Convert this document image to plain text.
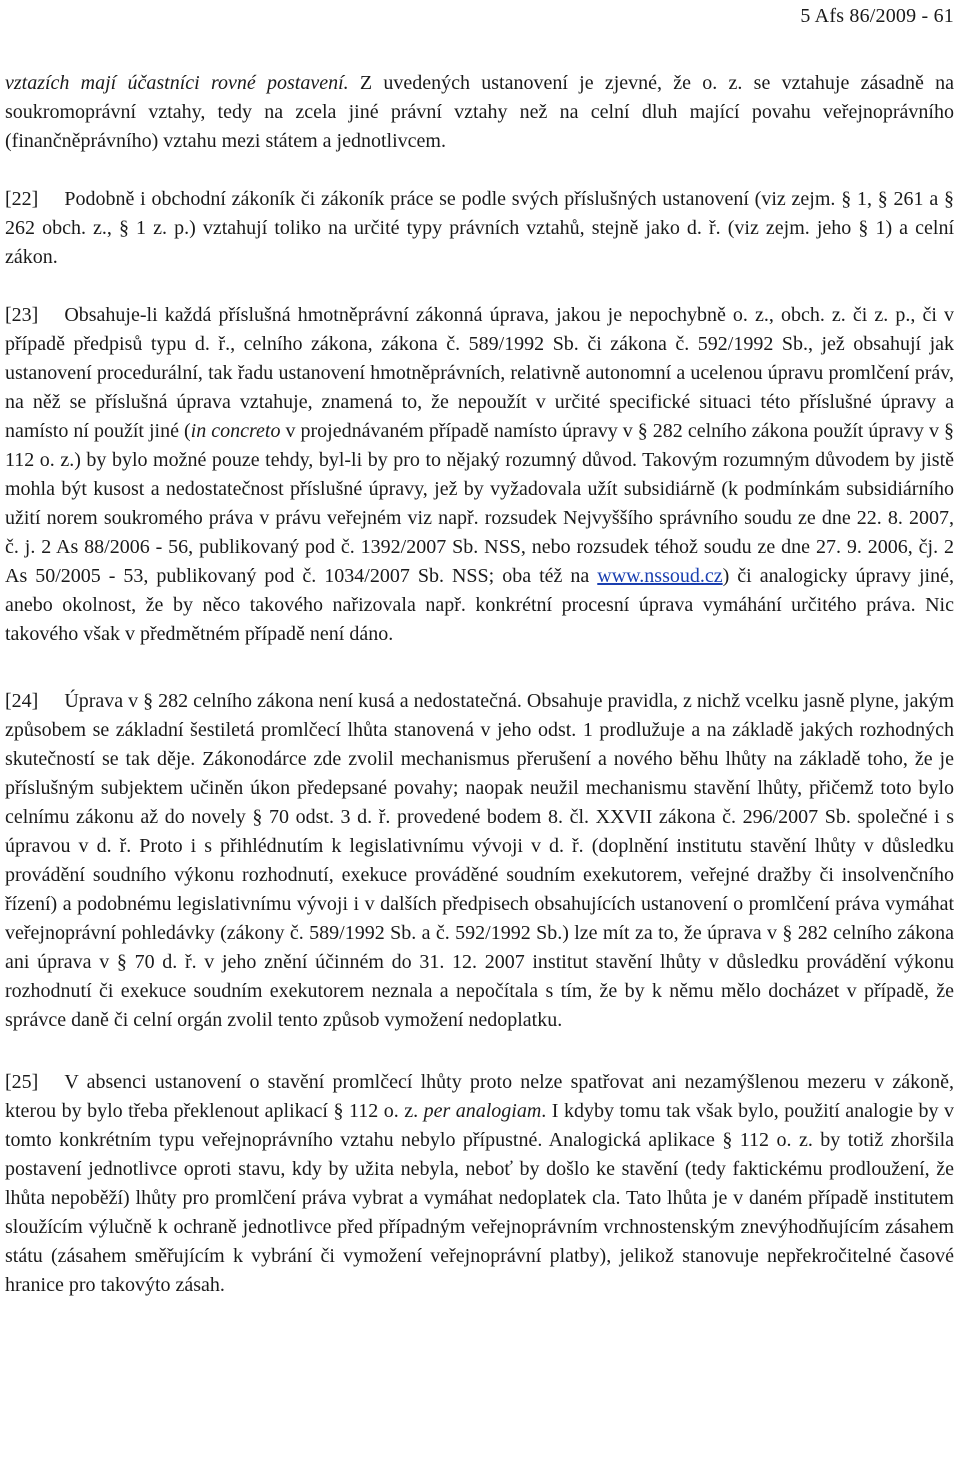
5 Afs 86/2009 - 61

vztazích mají účastníci rovné postavení. Z uvedených ustanovení je zjevné, že o. z. se vztahuje zásadně na soukromoprávní vztahy, tedy na zcela jiné právní vztahy než na celní dluh mající povahu veřejnoprávního (finančněprávního) vztahu mezi státem a jednotlivcem.

[22] Podobně i obchodní zákoník či zákoník práce se podle svých příslušných ustanovení (viz zejm. § 1, § 261 a § 262 obch. z., § 1 z. p.) vztahují toliko na určité typy právních vztahů, stejně jako d. ř. (viz zejm. jeho § 1) a celní zákon.

[23] Obsahuje-li každá příslušná hmotněprávní zákonná úprava, jakou je nepochybně o. z., obch. z. či z. p., či v případě předpisů typu d. ř., celního zákona, zákona č. 589/1992 Sb. či zákona č. 592/1992 Sb., jež obsahují jak ustanovení procedurální, tak řadu ustanovení hmotněprávních, relativně autonomní a ucelenou úpravu promlčení práv, na něž se příslušná úprava vztahuje, znamená to, že nepoužít v určité specifické situaci této příslušné úpravy a namísto ní použít jiné (in concreto v projednávaném případě namísto úpravy v § 282 celního zákona použít úpravy v § 112 o. z.) by bylo možné pouze tehdy, byl-li by pro to nějaký rozumný důvod. Takovým rozumným důvodem by jistě mohla být kusost a nedostatečnost příslušné úpravy, jež by vyžadovala užít subsidiárně (k podmínkám subsidiárního užití norem soukromého práva v právu veřejném viz např. rozsudek Nejvyššího správního soudu ze dne 22. 8. 2007, č. j. 2 As 88/2006 - 56, publikovaný pod č. 1392/2007 Sb. NSS, nebo rozsudek téhož soudu ze dne 27. 9. 2006, čj. 2 As 50/2005 - 53, publikovaný pod č. 1034/2007 Sb. NSS; oba též na www.nssoud.cz) či analogicky úpravy jiné, anebo okolnost, že by něco takového nařizovala např. konkrétní procesní úprava vymáhání určitého práva. Nic takového však v předmětném případě není dáno.

[24] Úprava v § 282 celního zákona není kusá a nedostatečná. Obsahuje pravidla, z nichž vcelku jasně plyne, jakým způsobem se základní šestiletá promlčecí lhůta stanovená v jeho odst. 1 prodlužuje a na základě jakých rozhodných skutečností se tak děje. Zákonodárce zde zvolil mechanismus přerušení a nového běhu lhůty na základě toho, že je příslušným subjektem učiněn úkon předepsané povahy; naopak neužil mechanismu stavění lhůty, přičemž toto bylo celnímu zákonu až do novely § 70 odst. 3 d. ř. provedené bodem 8. čl. XXVII zákona č. 296/2007 Sb. společné i s úpravou v d. ř. Proto i s přihlédnutím k legislativnímu vývoji v d. ř. (doplnění institutu stavění lhůty v důsledku provádění soudního výkonu rozhodnutí, exekuce prováděné soudním exekutorem, veřejné dražby či insolvenčního řízení) a podobnému legislativnímu vývoji i v dalších předpisech obsahujících ustanovení o promlčení práva vymáhat veřejnoprávní pohledávky (zákony č. 589/1992 Sb. a č. 592/1992 Sb.) lze mít za to, že úprava v § 282 celního zákona ani úprava v § 70 d. ř. v jeho znění účinném do 31. 12. 2007 institut stavění lhůty v důsledku provádění výkonu rozhodnutí či exekuce soudním exekutorem neznala a nepočítala s tím, že by k němu mělo docházet v případě, že správce daně či celní orgán zvolil tento způsob vymožení nedoplatku.

[25] V absenci ustanovení o stavění promlčecí lhůty proto nelze spatřovat ani nezamýšlenou mezeru v zákoně, kterou by bylo třeba překlenout aplikací § 112 o. z. per analogiam. I kdyby tomu tak však bylo, použití analogie by v tomto konkrétním typu veřejnoprávního vztahu nebylo přípustné. Analogická aplikace § 112 o. z. by totiž zhoršila postavení jednotlivce oproti stavu, kdy by užita nebyla, neboť by došlo ke stavění (tedy faktickému prodloužení, že lhůta nepoběží) lhůty pro promlčení práva vybrat a vymáhat nedoplatek cla. Tato lhůta je v daném případě institutem sloužícím výlučně k ochraně jednotlivce před případným veřejnoprávním vrchnostenským znevýhodňujícím zásahem státu (zásahem směřujícím k vybrání či vymožení veřejnoprávní platby), jelikož stanovuje nepřekročitelné časové hranice pro takovýto zásah.
